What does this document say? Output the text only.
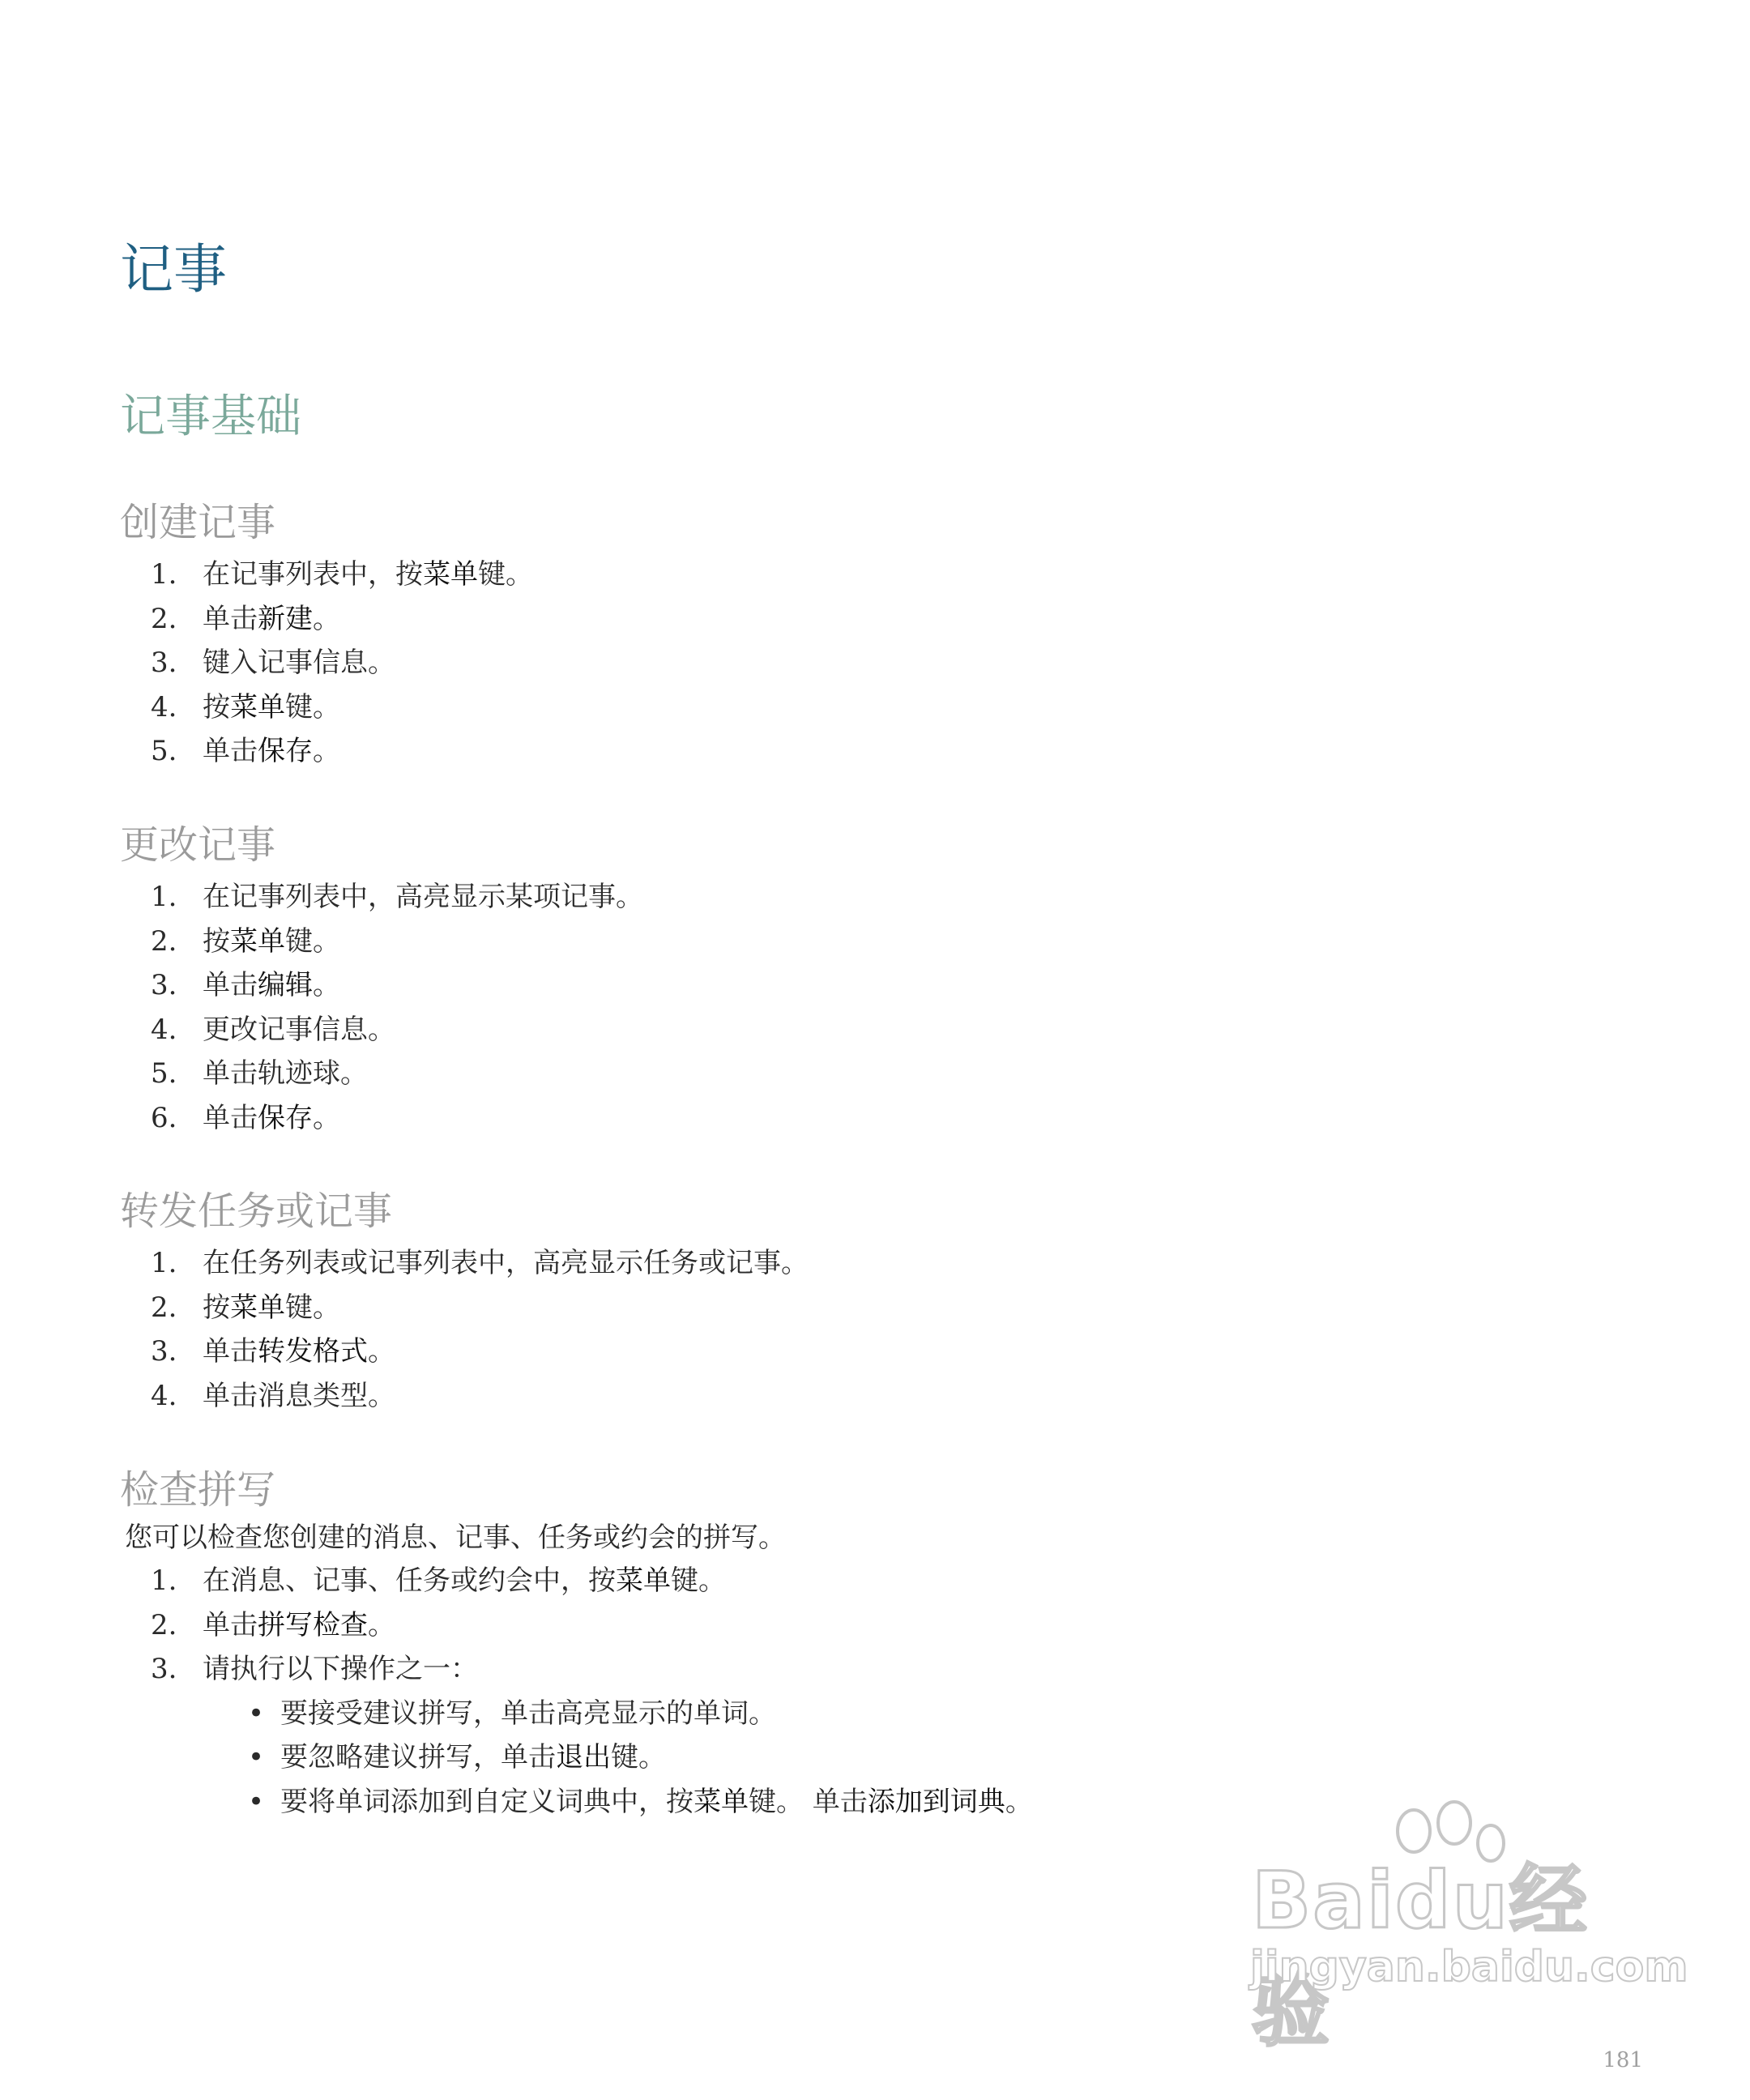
记事
记事基础
创建记事
1. 在记事列表中，按菜单键。
2. 单击新建。
3. 键入记事信息。
4. 按菜单键。
5. 单击保存。
更改记事
1. 在记事列表中，高亮显示某项记事。
2. 按菜单键。
3. 单击编辑。
4. 更改记事信息。
5. 单击轨迹球。
6. 单击保存。
转发任务或记事
1. 在任务列表或记事列表中，高亮显示任务或记事。
2. 按菜单键。
3. 单击转发格式。
4. 单击消息类型。
检查拼写

您可以检查您创建的消息、记事、任务或约会的拼写。

1. 在消息、记事、任务或约会中，按菜单键。
2. 单击拼写检查。
3. 请执行以下操作之一：
• 要接受建议拼写，单击高亮显示的单词。
• 要忽略建议拼写，单击退出键。
• 要将单词添加到自定义词典中，按菜单键。 单击添加到词典。
Baidu经验
jingyan.baidu.com
181
